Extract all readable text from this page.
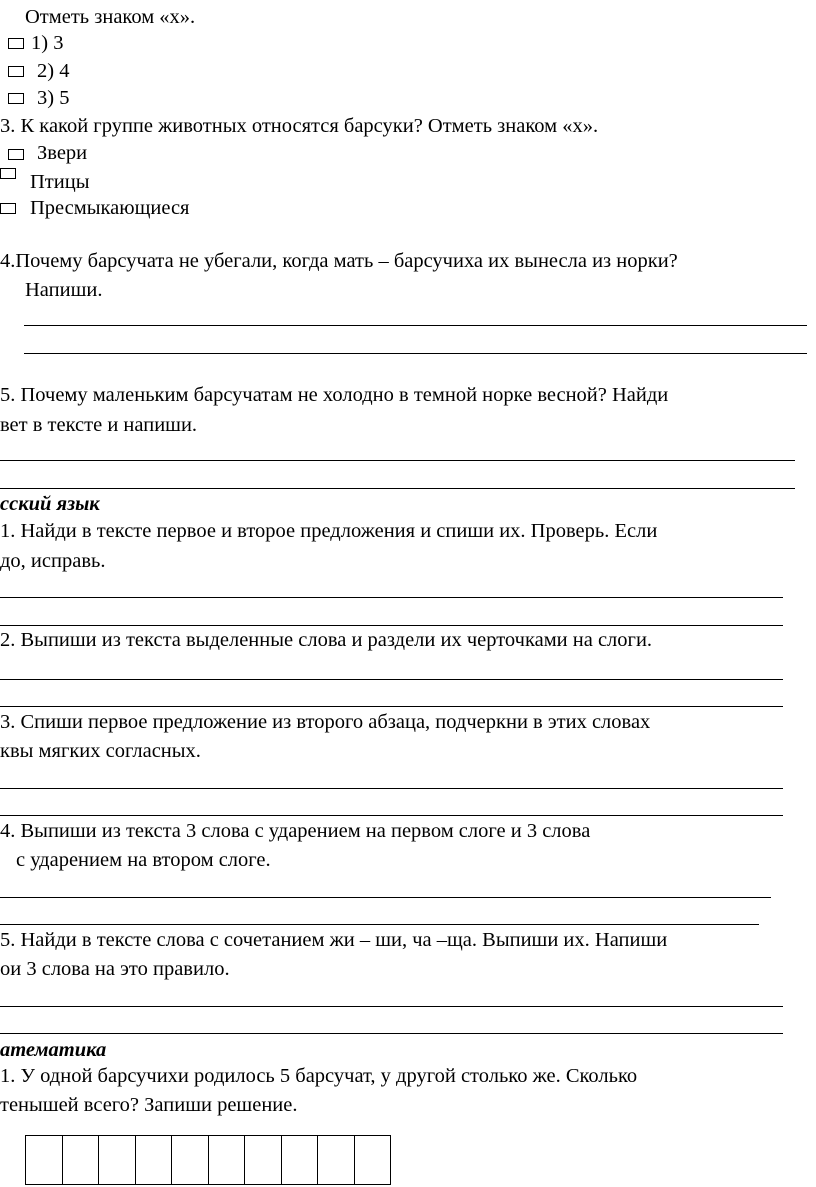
Отметь знаком «х».
1) 3
2) 4
3) 5
3. К какой группе животных относятся барсуки? Отметь знаком «х».
Звери
Птицы
Пресмыкающиеся
4.Почему барсучата не убегали, когда мать – барсучиха их вынесла из норки?
Напиши.
5. Почему маленьким барсучатам не холодно в темной норке весной? Найди
вет в тексте и напиши.
сский язык
1. Найди в тексте первое и второе предложения и спиши их. Проверь. Если
до, исправь.
2. Выпиши из текста выделенные слова и раздели их черточками на слоги.
3. Спиши первое предложение из второго абзаца, подчеркни в этих словах
квы мягких согласных.
4. Выпиши из текста 3 слова с ударением на первом слоге и 3 слова
с ударением на втором слоге.
5. Найди в тексте слова с сочетанием жи – ши, ча –ща. Выпиши их. Напиши
ои 3 слова на это правило.
атематика
1. У одной барсучихи родилось 5 барсучат, у другой столько же. Сколько
тенышей всего? Запиши решение.
